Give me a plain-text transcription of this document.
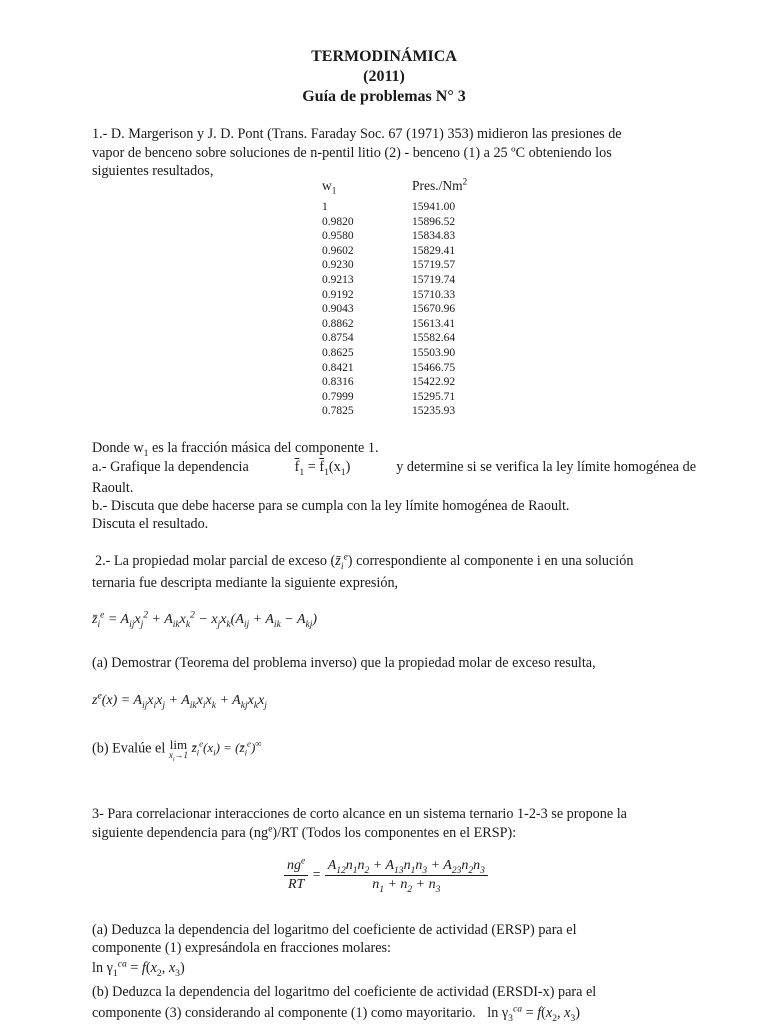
TERMODINÁMICA
(2011)
Guía de problemas N° 3
1.- D. Margerison y J. D. Pont (Trans. Faraday Soc. 67 (1971) 353) midieron las presiones de
vapor de benceno sobre soluciones de n-pentil litio (2) - benceno (1) a 25 ºC obteniendo los
siguientes resultados,
$w_1$	Pres./Nm$^2$
1	15941.00
0.9820	15896.52
0.9580	15834.83
0.9602	15829.41
0.9230	15719.57
0.9213	15719.74
0.9192	15710.33
0.9043	15670.96
0.8862	15613.41
0.8754	15582.64
0.8625	15503.90
0.8421	15466.75
0.8316	15422.92
0.7999	15295.71
0.7825	15235.93
Donde $w_1$ es la fracción másica del componente 1.
a.- Grafique la dependencia	$\overline{f}_1 = \overline{f}_1(x_1)$	y determine si se verifica la ley límite homogénea de
Raoult.
b.- Discuta que debe hacerse para se cumpla con la ley límite homogénea de Raoult.
Discuta el resultado.
2.- La propiedad molar parcial de exceso $(z̄_i^e)$ correspondiente al componente i en una solución
ternaria fue descripta mediante la siguiente expresión,
$z̄_i^e = A_{ij}x_j^2 + A_{ik}x_k^2 - x_jx_k(A_{ij} + A_{ik} - A_{kj})$
(a) Demostrar (Teorema del problema inverso) que la propiedad molar de exceso resulta,
$z^e(x) = A_{ij}x_ix_j + A_{ik}x_ix_k + A_{kj}x_kx_j$
(b) Evalúe el lim
$x_i\to 1$ $z̄_i^e(x_i)$ = $(z̄_i^e)^\infty$
3- Para correlacionar interacciones de corto alcance en un sistema ternario 1-2-3 se propone la
siguiente dependencia para $(ng^e)/RT$ (Todos los componentes en el ERSP):
$\frac{ng^e}{RT} = \frac{A_{12}n_1n_2 + A_{13}n_1n_3 + A_{23}n_2n_3}{n_1 + n_2 + n_3}$
(a) Deduzca la dependencia del logaritmo del coeficiente de actividad (ERSP) para el
componente (1) expresándola en fracciones molares:
$\ln \gamma_1^{ca} = f(x_2$, $x_3$)
(b) Deduzca la dependencia del logaritmo del coeficiente de actividad (ERSDI-x) para el
componente (3) considerando al componente (1) como mayoritario. $\ln \gamma_3^{ca} = f(x_2$, $x_3$)
